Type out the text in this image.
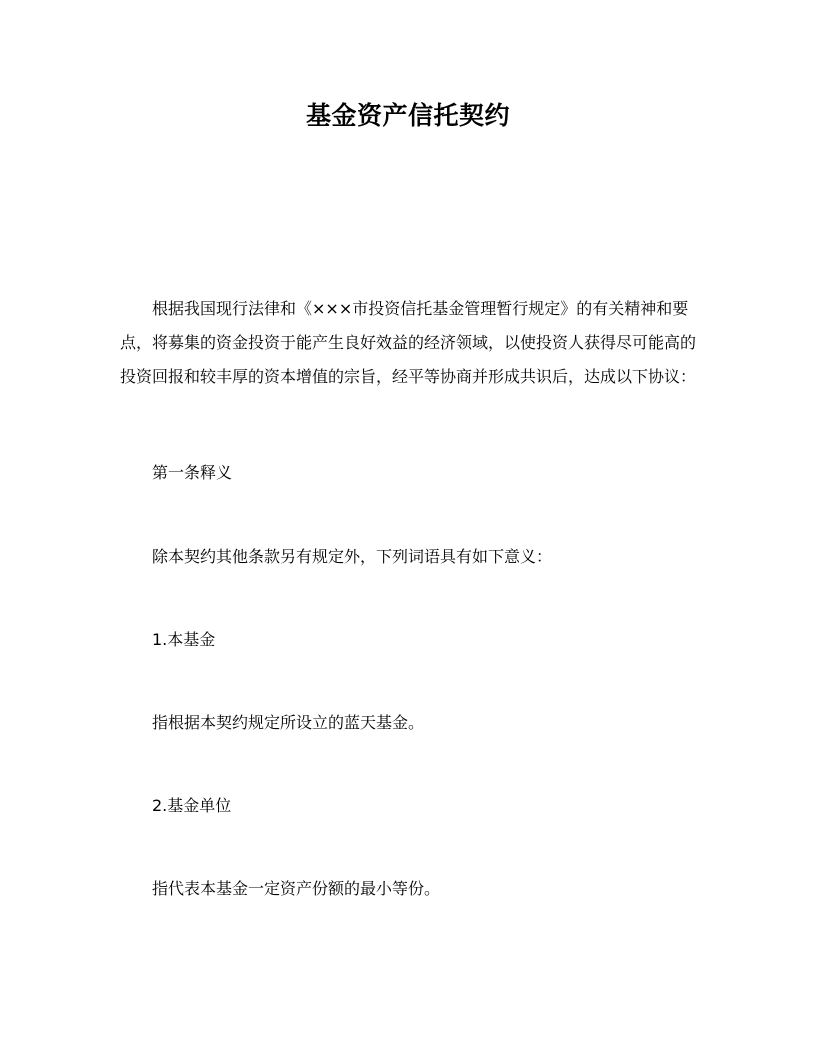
基金资产信托契约

根据我国现行法律和《×××市投资信托基金管理暂行规定》的有关精神和要点，将募集的资金投资于能产生良好效益的经济领域，以使投资人获得尽可能高的投资回报和较丰厚的资本增值的宗旨，经平等协商并形成共识后，达成以下协议：

第一条释义

除本契约其他条款另有规定外，下列词语具有如下意义：

1.本基金

指根据本契约规定所设立的蓝天基金。

2.基金单位

指代表本基金一定资产份额的最小等份。
